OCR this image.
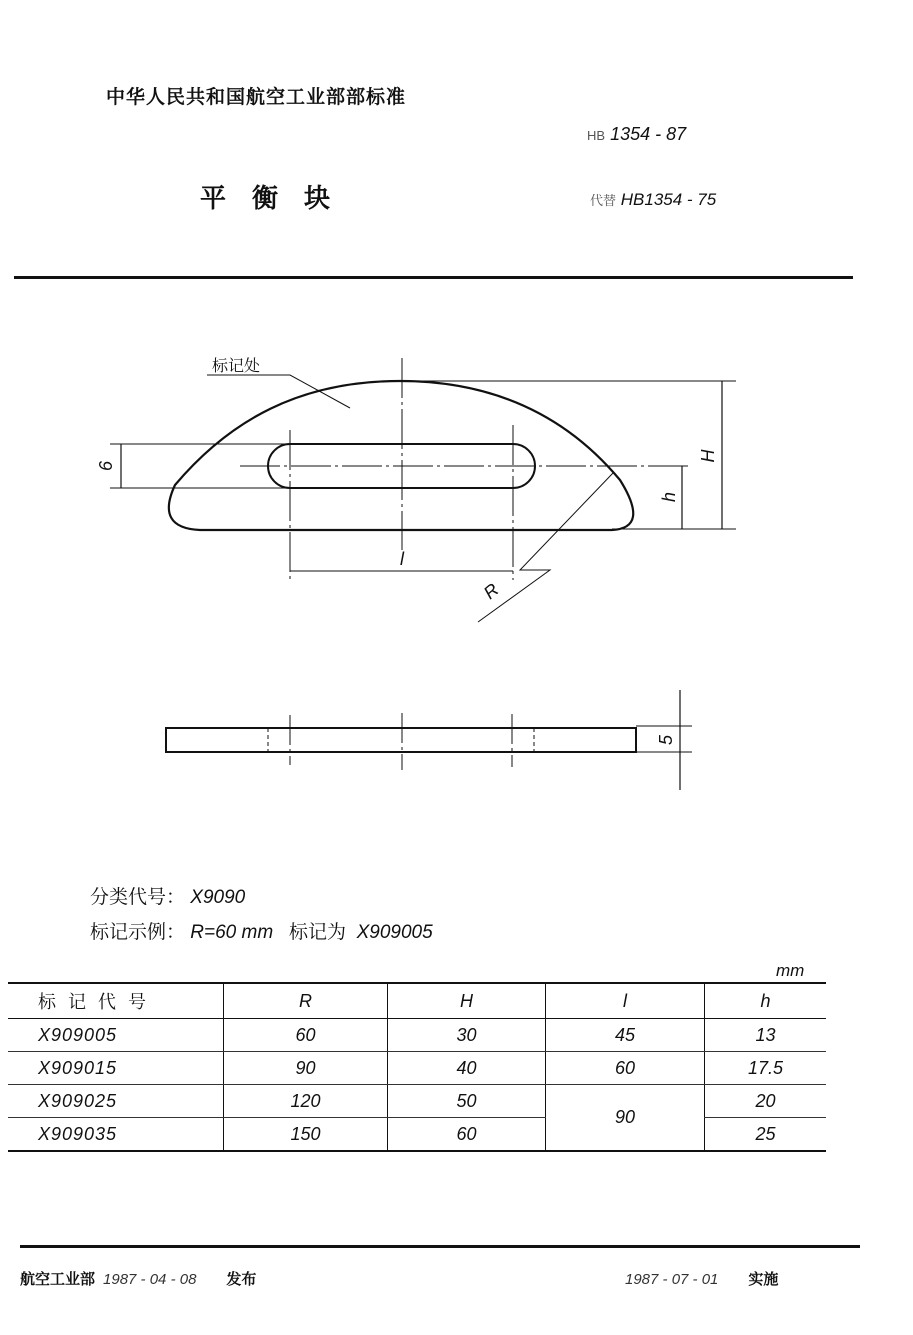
中华人民共和国航空工业部部标准
HB 1354 - 87
平衡块	代替 HB1354 - 75
标记处
6
l
H
h
R
5
分类代号： X9090
标记示例： R=60 mm 标记为 X909005
mm
标记代号	R	H	l	h
X909005	60	30	45	13
X909015	90	40	60	17.5
X909025	120	50	90	20
X909035	150	60		25
航空工业部 1987 - 04 - 08 发布	1987 - 07 - 01 实施
